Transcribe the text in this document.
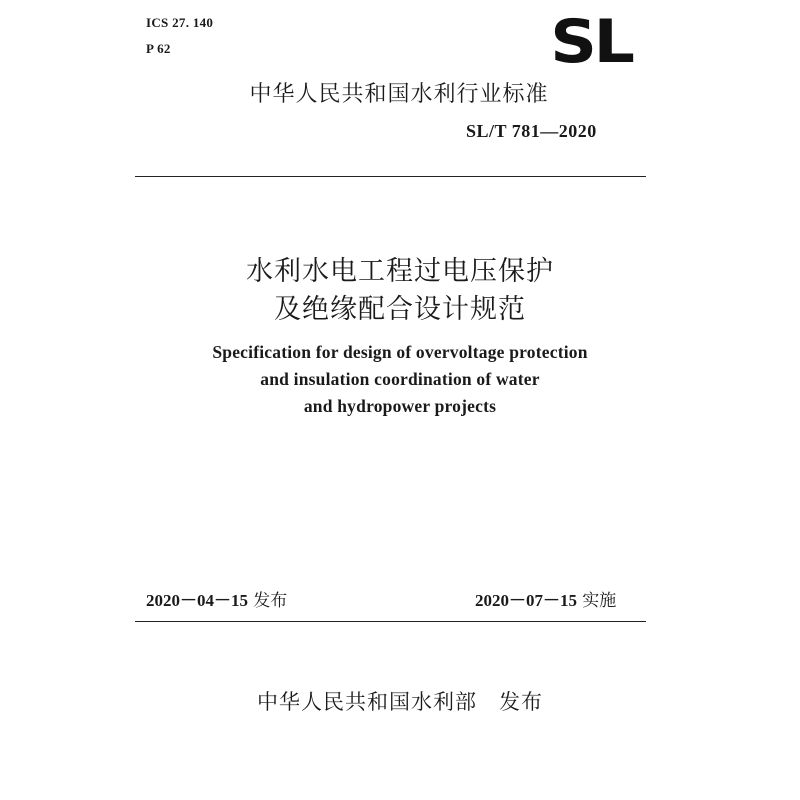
ICS 27. 140
P 62	SL
中华人民共和国水利行业标准
SL/T 781—2020
水利水电工程过电压保护
及绝缘配合设计规范
Specification for design of overvoltage protection
and insulation coordination of water
and hydropower projects
2020－04－15 发布	2020－07－15 实施
中华人民共和国水利部 发布
